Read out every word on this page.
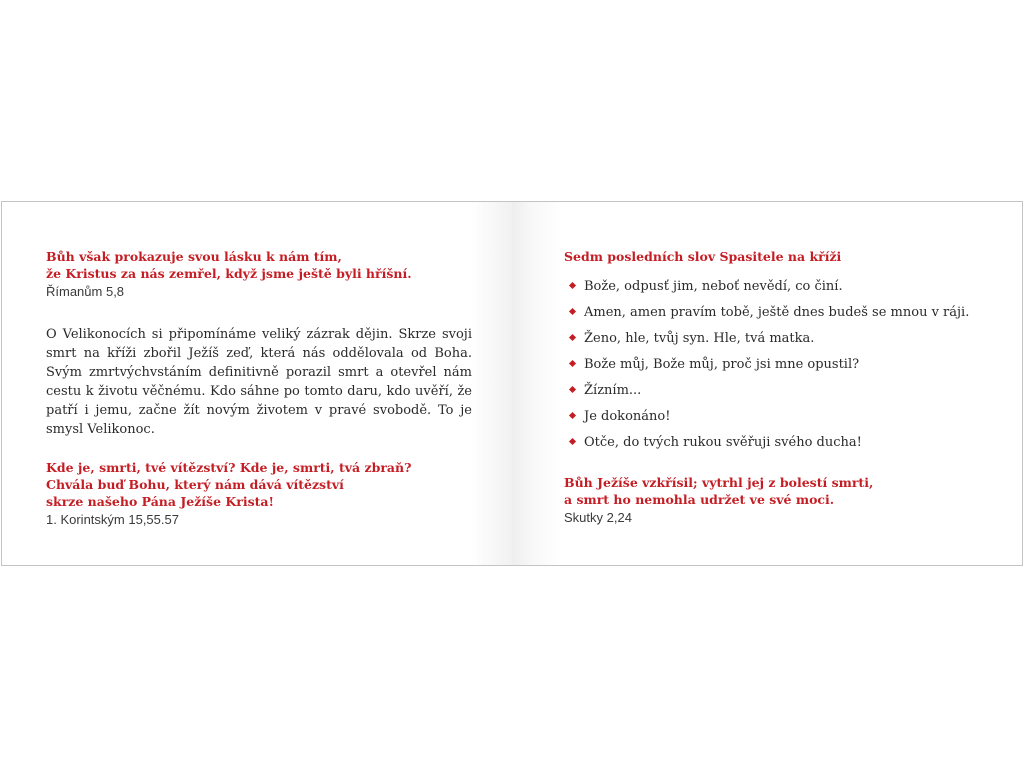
Bůh však prokazuje svou lásku k nám tím,
že Kristus za nás zemřel, když jsme ještě byli hříšní.

Římanům 5,8

O Velikonocích si připomínáme veliký zázrak dějin. Skrze svoji smrt na kříži zbořil Ježíš zeď, která nás oddělovala od Boha. Svým zmrtvýchvstáním definitivně porazil smrt a otevřel nám cestu k životu věčnému. Kdo sáhne po tomto daru, kdo uvěří, že patří i jemu, začne žít novým životem v pravé svobodě. To je smysl Velikonoc.

Kde je, smrti, tvé vítězství? Kde je, smrti, tvá zbraň?
Chvála buď Bohu, který nám dává vítězství
skrze našeho Pána Ježíše Krista!

1. Korintským 15,55.57

Sedm posledních slov Spasitele na kříži

Bože, odpusť jim, neboť nevědí, co činí.
Amen, amen pravím tobě, ještě dnes budeš se mnou v ráji.
Ženo, hle, tvůj syn. Hle, tvá matka.
Bože můj, Bože můj, proč jsi mne opustil?
Žízním...
Je dokonáno!
Otče, do tvých rukou svěřuji svého ducha!

Bůh Ježíše vzkřísil; vytrhl jej z bolestí smrti,
a smrt ho nemohla udržet ve své moci.

Skutky 2,24
